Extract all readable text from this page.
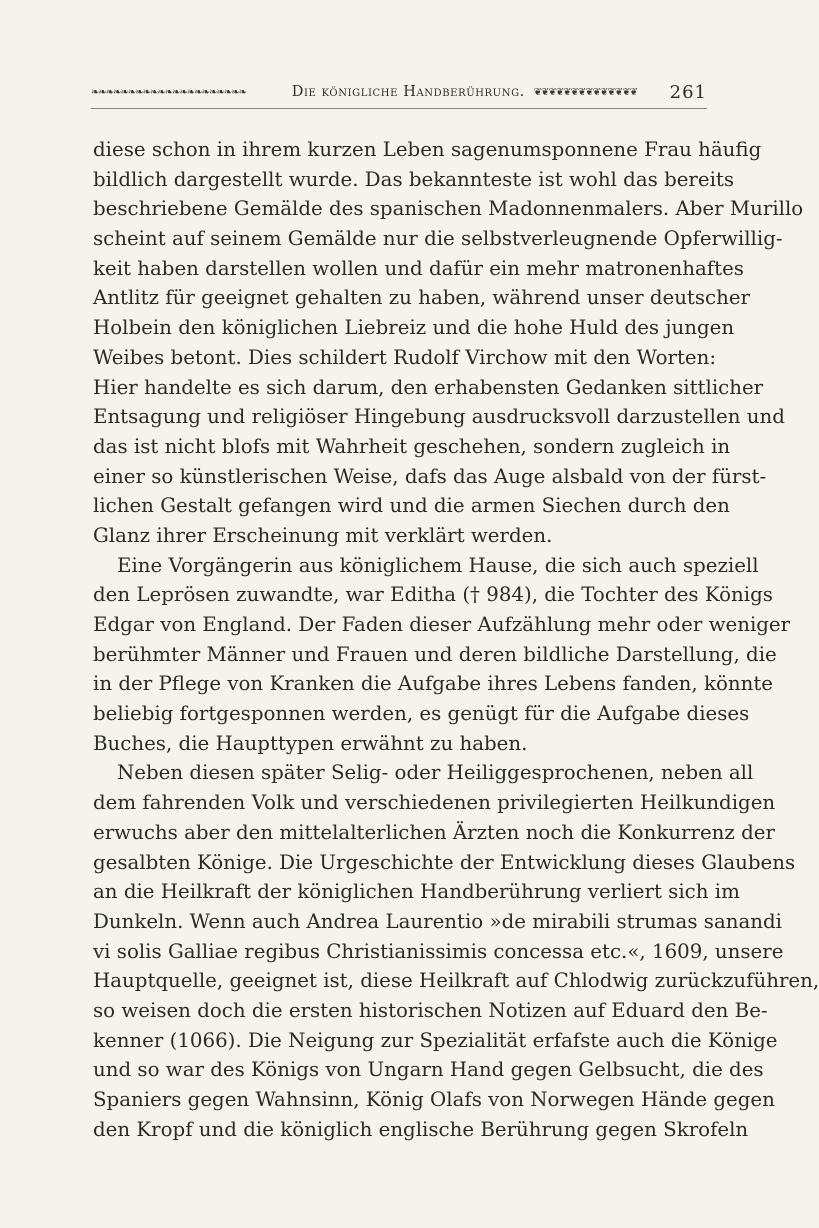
❧❧❧❧❧❧❧❧❧❧❧❧❧❧❧❧❧❧❧❧❧	Die königliche Handberührung. ❦❦❦❦❦❦❦❦❦❦❦❦❦❦	261
diese schon in ihrem kurzen Leben sagenumsponnene Frau häufig
bildlich dargestellt wurde. Das bekannteste ist wohl das bereits
beschriebene Gemälde des spanischen Madonnenmalers. Aber Murillo
scheint auf seinem Gemälde nur die selbstverleugnende Opferwillig-
keit haben darstellen wollen und dafür ein mehr matronenhaftes
Antlitz für geeignet gehalten zu haben, während unser deutscher
Holbein den königlichen Liebreiz und die hohe Huld des jungen
Weibes betont. Dies schildert Rudolf Virchow mit den Worten:
Hier handelte es sich darum, den erhabensten Gedanken sittlicher
Entsagung und religiöser Hingebung ausdrucksvoll darzustellen und
das ist nicht blofs mit Wahrheit geschehen, sondern zugleich in
einer so künstlerischen Weise, dafs das Auge alsbald von der fürst-
lichen Gestalt gefangen wird und die armen Siechen durch den
Glanz ihrer Erscheinung mit verklärt werden.
Eine Vorgängerin aus königlichem Hause, die sich auch speziell
den Leprösen zuwandte, war Editha († 984), die Tochter des Königs
Edgar von England. Der Faden dieser Aufzählung mehr oder weniger
berühmter Männer und Frauen und deren bildliche Darstellung, die
in der Pflege von Kranken die Aufgabe ihres Lebens fanden, könnte
beliebig fortgesponnen werden, es genügt für die Aufgabe dieses
Buches, die Haupttypen erwähnt zu haben.
Neben diesen später Selig- oder Heiliggesprochenen, neben all
dem fahrenden Volk und verschiedenen privilegierten Heilkundigen
erwuchs aber den mittelalterlichen Ärzten noch die Konkurrenz der
gesalbten Könige. Die Urgeschichte der Entwicklung dieses Glaubens
an die Heilkraft der königlichen Handberührung verliert sich im
Dunkeln. Wenn auch Andrea Laurentio »de mirabili strumas sanandi
vi solis Galliae regibus Christianissimis concessa etc.«, 1609, unsere
Hauptquelle, geeignet ist, diese Heilkraft auf Chlodwig zurückzuführen,
so weisen doch die ersten historischen Notizen auf Eduard den Be-
kenner (1066). Die Neigung zur Spezialität erfafste auch die Könige
und so war des Königs von Ungarn Hand gegen Gelbsucht, die des
Spaniers gegen Wahnsinn, König Olafs von Norwegen Hände gegen
den Kropf und die königlich englische Berührung gegen Skrofeln
